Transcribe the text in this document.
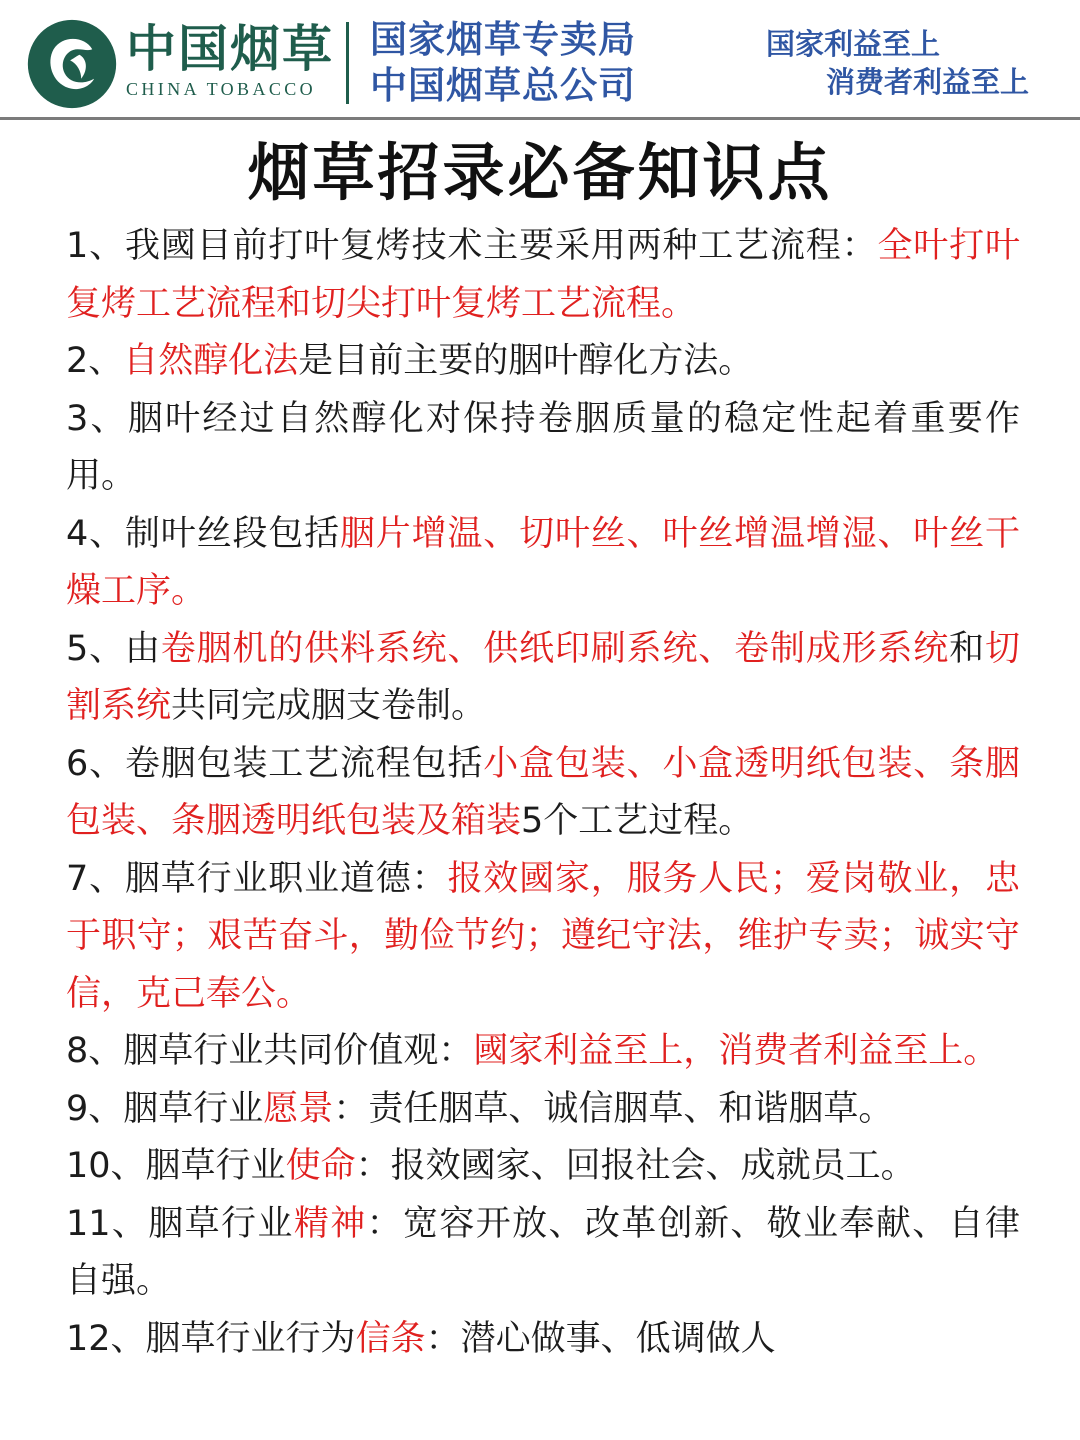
中国烟草
CHINA TOBACCO
国家烟草专卖局
中国烟草总公司
国家利益至上
消费者利益至上
烟草招录必备知识点

1、我國目前打叶复烤技术主要采用两种工艺流程：全叶打叶复烤工艺流程和切尖打叶复烤工艺流程。

2、自然醇化法是目前主要的胭叶醇化方法。

3、胭叶经过自然醇化对保持卷胭质量的稳定性起着重要作用。

4、制叶丝段包括胭片增温、切叶丝、叶丝增温增湿、叶丝干燥工序。

5、由卷胭机的供料系统、供纸印刷系统、卷制成形系统和切割系统共同完成胭支卷制。

6、卷胭包装工艺流程包括小盒包装、小盒透明纸包装、条胭包装、条胭透明纸包装及箱装5个工艺过程。

7、胭草行业职业道德：报效國家，服务人民；爱岗敬业，忠于职守；艰苦奋斗，勤俭节约；遵纪守法，维护专卖；诚实守信，克己奉公。

8、胭草行业共同价值观：國家利益至上，消费者利益至上。

9、胭草行业愿景：责任胭草、诚信胭草、和谐胭草。

10、胭草行业使命：报效國家、回报社会、成就员工。

11、胭草行业精神：宽容开放、改革创新、敬业奉献、自律自强。

12、胭草行业行为信条：潜心做事、低调做人
